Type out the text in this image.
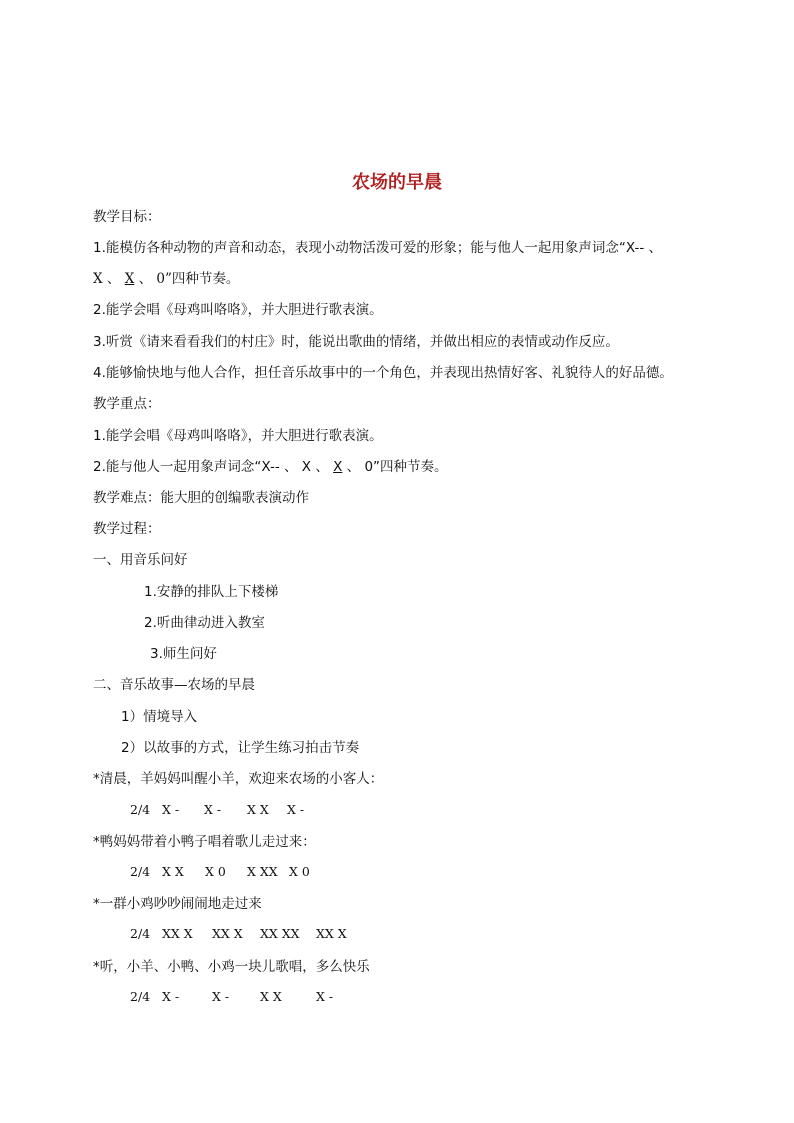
农场的早晨
教学目标：
1.能模仿各种动物的声音和动态，表现小动物活泼可爱的形象；能与他人一起用象声词念“X-- 、
X 、 X 、 0”四种节奏。
2.能学会唱《母鸡叫咯咯》，并大胆进行歌表演。
3.听赏《请来看看我们的村庄》时，能说出歌曲的情绪，并做出相应的表情或动作反应。
4.能够愉快地与他人合作，担任音乐故事中的一个角色，并表现出热情好客、礼貌待人的好品德。
教学重点：
1.能学会唱《母鸡叫咯咯》，并大胆进行歌表演。
2.能与他人一起用象声词念“X-- 、 X 、 X 、 0”四种节奏。
教学难点：能大胆的创编歌表演动作
教学过程：
一、用音乐问好
1.安静的排队上下楼梯
2.听曲律动进入教室
3.师生问好
二、音乐故事—农场的早晨
1）情境导入
2）以故事的方式，让学生练习拍击节奏
*清晨，羊妈妈叫醒小羊，欢迎来农场的小客人：
2/4 X - X - X X X -
*鸭妈妈带着小鸭子唱着歌儿走过来：
2/4 X X X 0 X XX X 0
*一群小鸡吵吵闹闹地走过来
2/4 XX X XX X XX XX XX X
*听，小羊、小鸭、小鸡一块儿歌唱，多么快乐
2/4 X -	X - X X	X -
